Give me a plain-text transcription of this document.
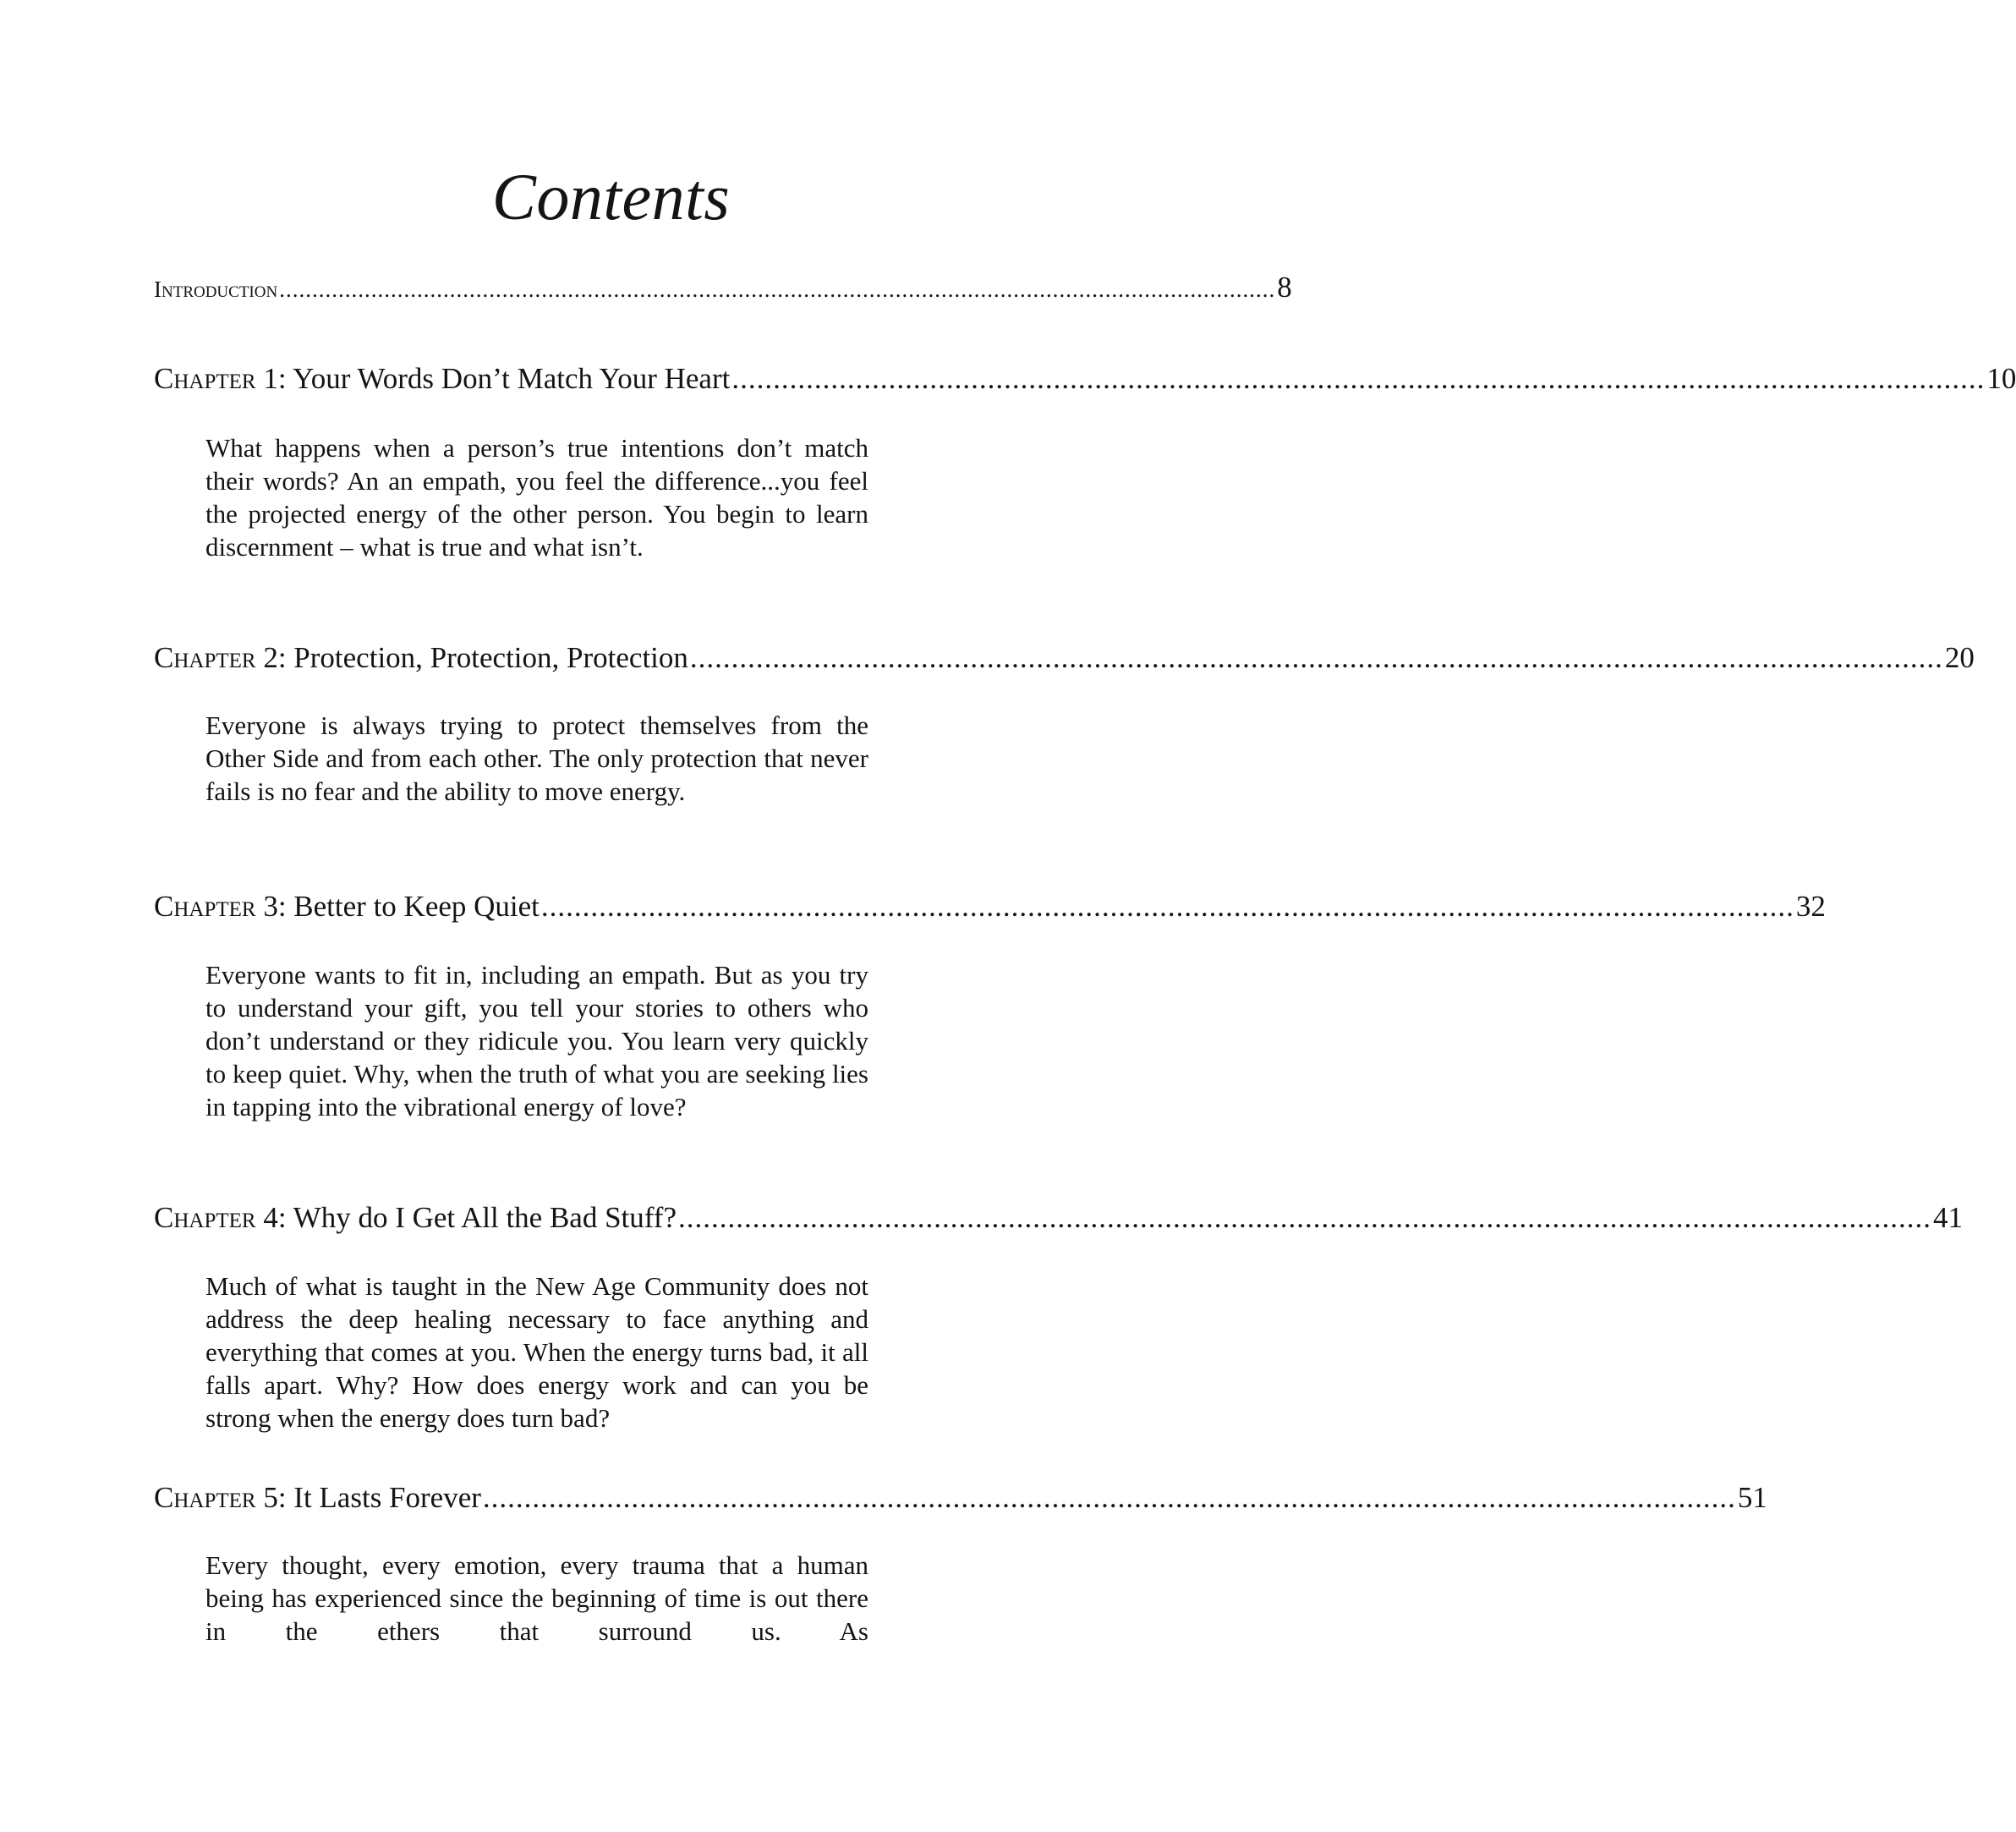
Contents
Introduction ........................................................................................................................................................ 8
Chapter 1: Your Words Don’t Match Your Heart ........................................................................................................................................................ 10
What happens when a person’s true intentions don’t match their words? An an empath, you feel the difference...you feel the projected energy of the other person. You begin to learn discernment – what is true and what isn’t.
Chapter 2: Protection, Protection, Protection ........................................................................................................................................................ 20
Everyone is always trying to protect themselves from the Other Side and from each other. The only protection that never fails is no fear and the ability to move energy.
Chapter 3: Better to Keep Quiet ........................................................................................................................................................ 32
Everyone wants to fit in, including an empath. But as you try to understand your gift, you tell your stories to others who don’t understand or they ridicule you. You learn very quickly to keep quiet. Why, when the truth of what you are seeking lies in tapping into the vibrational energy of love?
Chapter 4: Why do I Get All the Bad Stuff? ........................................................................................................................................................ 41
Much of what is taught in the New Age Community does not address the deep healing necessary to face anything and everything that comes at you. When the energy turns bad, it all falls apart. Why? How does energy work and can you be strong when the energy does turn bad?
Chapter 5: It Lasts Forever ........................................................................................................................................................ 51
Every thought, every emotion, every trauma that a human being has experienced since the beginning of time is out there in the ethers that surround us. As
